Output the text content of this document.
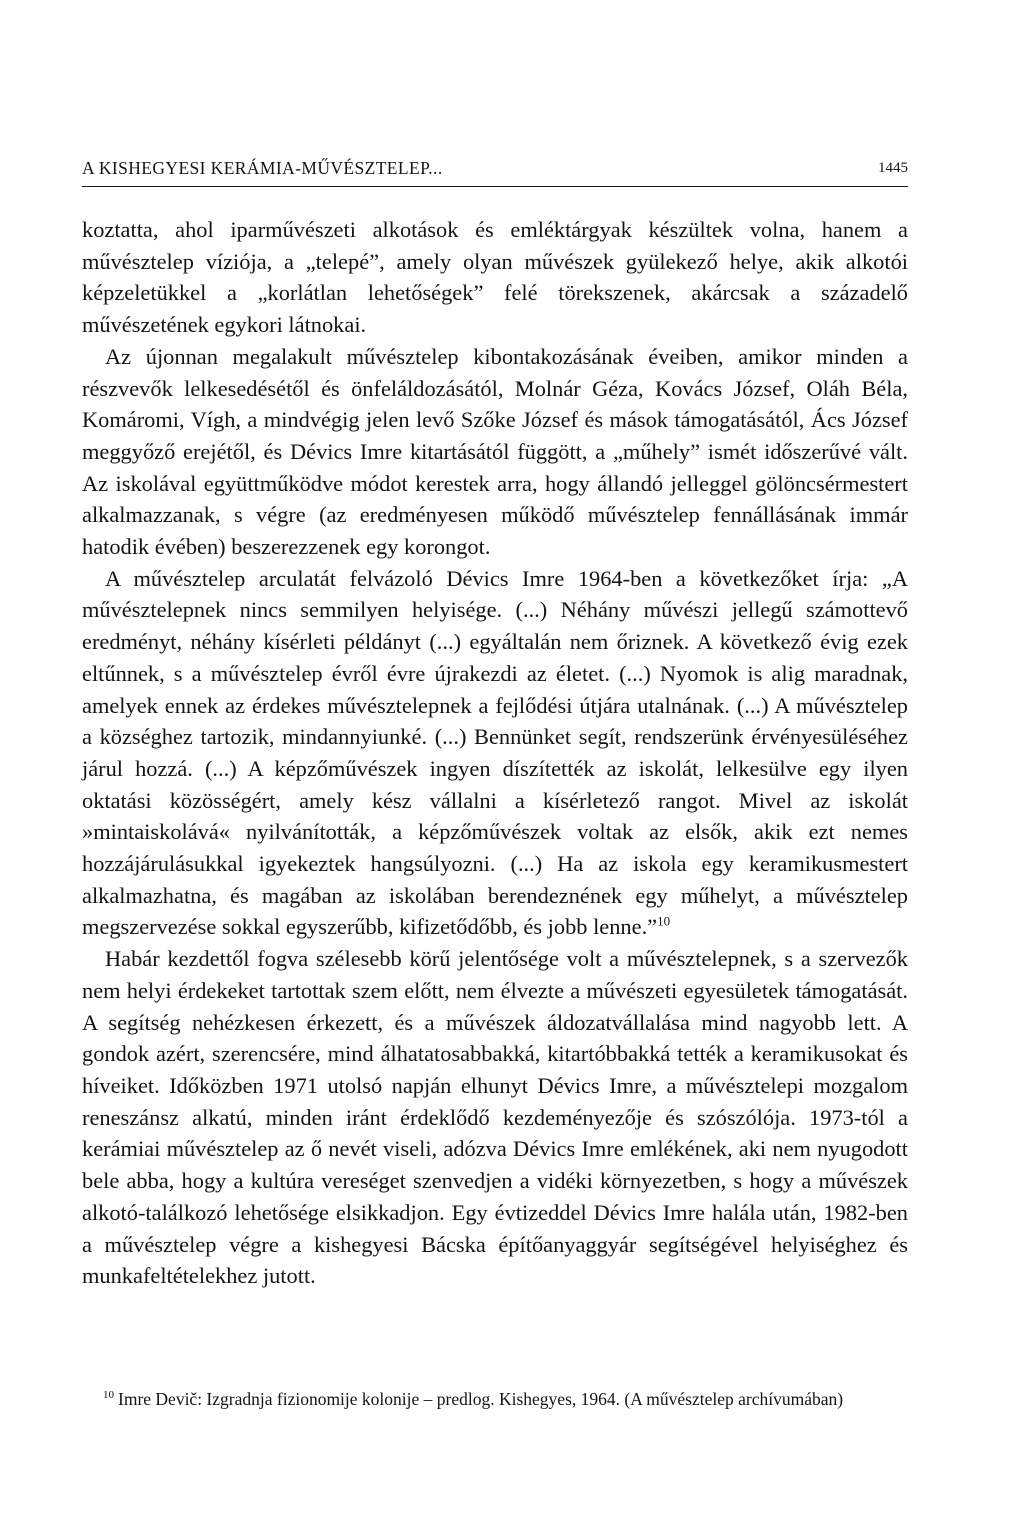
A KISHEGYESI KERÁMIA-MŰVÉSZTELEP...	1445

koztatta, ahol iparművészeti alkotások és emléktárgyak készültek volna, hanem a művésztelep víziója, a „telepé”, amely olyan művészek gyülekező helye, akik alkotói képzeletükkel a „korlátlan lehetőségek” felé törekszenek, akárcsak a századelő művészetének egykori látnokai.

Az újonnan megalakult művésztelep kibontakozásának éveiben, amikor minden a részvevők lelkesedésétől és önfeláldozásától, Molnár Géza, Kovács József, Oláh Béla, Komáromi, Vígh, a mindvégig jelen levő Szőke József és mások támogatásától, Ács József meggyőző erejétől, és Dévics Imre kitartásától függött, a „műhely” ismét időszerűvé vált. Az iskolával együttműködve módot kerestek arra, hogy állandó jelleggel gölöncsérmestert alkalmazzanak, s végre (az eredményesen működő művésztelep fennállásának immár hatodik évében) beszerezzenek egy korongot.

A művésztelep arculatát felvázoló Dévics Imre 1964-ben a következőket írja: „A művésztelepnek nincs semmilyen helyisége. (...) Néhány művészi jellegű számottevő eredményt, néhány kísérleti példányt (...) egyáltalán nem őriznek. A következő évig ezek eltűnnek, s a művésztelep évről évre újrakezdi az életet. (...) Nyomok is alig maradnak, amelyek ennek az érdekes művésztelepnek a fejlődési útjára utalnának. (...) A művésztelep a községhez tartozik, mindannyiunké. (...) Bennünket segít, rendszerünk érvényesüléséhez járul hozzá. (...) A képzőművészek ingyen díszítették az iskolát, lelkesülve egy ilyen oktatási közösségért, amely kész vállalni a kísérletező rangot. Mivel az iskolát »mintaiskolává« nyilvánították, a képzőművészek voltak az elsők, akik ezt nemes hozzájárulásukkal igyekeztek hangsúlyozni. (...) Ha az iskola egy keramikusmestert alkalmazhatna, és magában az iskolában berendeznének egy műhelyt, a művésztelep megszervezése sokkal egyszerűbb, kifizetődőbb, és jobb lenne.”$^{10}$

Habár kezdettől fogva szélesebb körű jelentősége volt a művésztelepnek, s a szervezők nem helyi érdekeket tartottak szem előtt, nem élvezte a művészeti egyesületek támogatását. A segítség nehézkesen érkezett, és a művészek áldozatvállalása mind nagyobb lett. A gondok azért, szerencsére, mind álhatatosabbakká, kitartóbbakká tették a keramikusokat és híveiket. Időközben 1971 utolsó napján elhunyt Dévics Imre, a művésztelepi mozgalom reneszánsz alkatú, minden iránt érdeklődő kezdeményezője és szószólója. 1973-tól a kerámiai művésztelep az ő nevét viseli, adózva Dévics Imre emlékének, aki nem nyugodott bele abba, hogy a kultúra vereséget szenvedjen a vidéki környezetben, s hogy a művészek alkotó-találkozó lehetősége elsikkadjon. Egy évtizeddel Dévics Imre halála után, 1982-ben a művésztelep végre a kishegyesi Bácska építőanyaggyár segítségével helyiséghez és munkafeltételekhez jutott.

$^{10}$ Imre Devič: Izgradnja fizionomije kolonije – predlog. Kishegyes, 1964. (A művésztelep archívumában)
